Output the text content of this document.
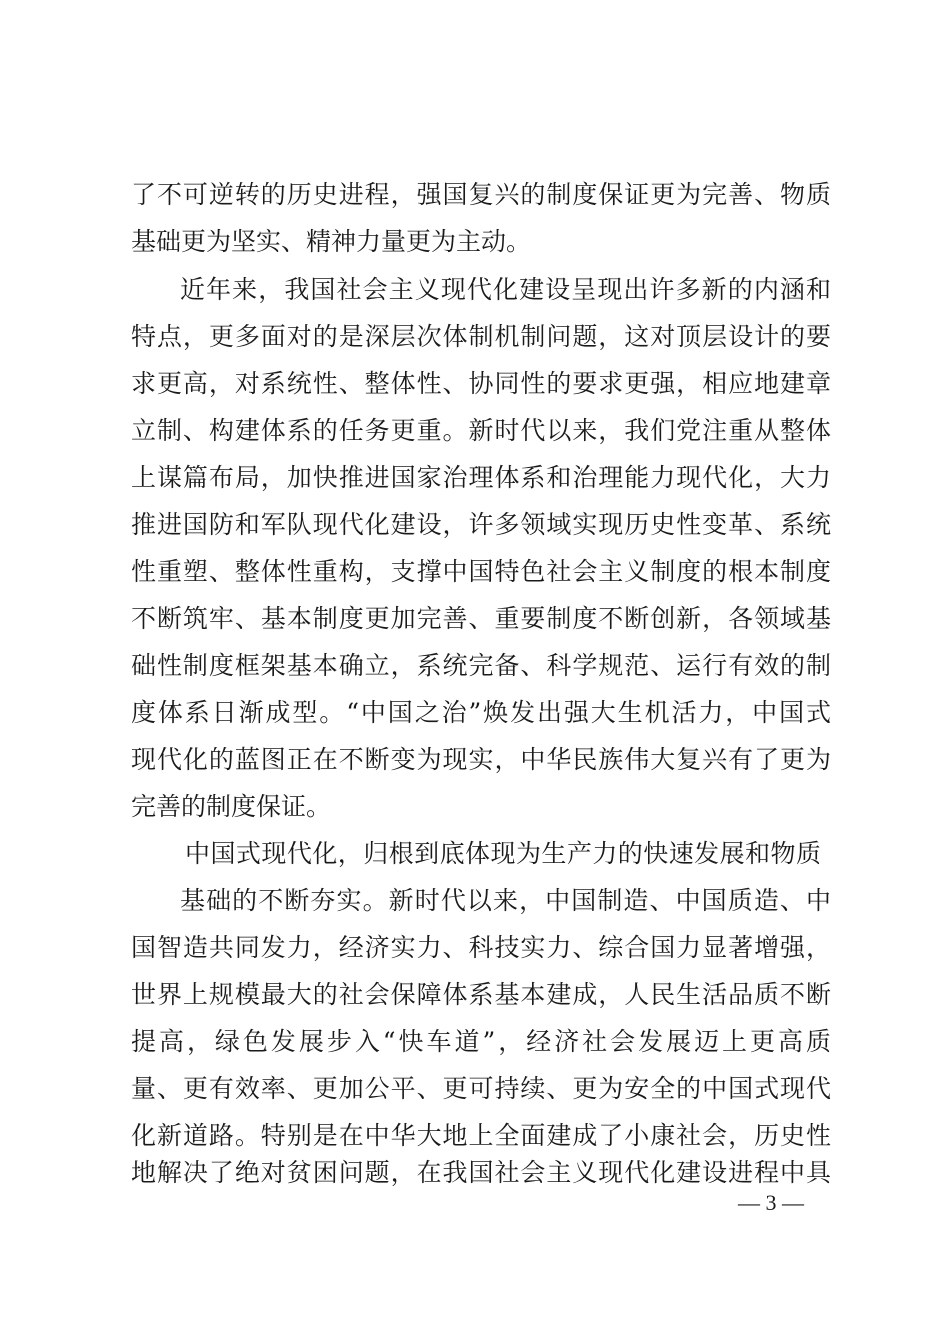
了不可逆转的历史进程，强国复兴的制度保证更为完善、物质
基础更为坚实、精神力量更为主动。
近年来，我国社会主义现代化建设呈现出许多新的内涵和
特点，更多面对的是深层次体制机制问题，这对顶层设计的要
求更高，对系统性、整体性、协同性的要求更强，相应地建章
立制、构建体系的任务更重。新时代以来，我们党注重从整体
上谋篇布局，加快推进国家治理体系和治理能力现代化，大力
推进国防和军队现代化建设，许多领域实现历史性变革、系统
性重塑、整体性重构，支撑中国特色社会主义制度的根本制度
不断筑牢、基本制度更加完善、重要制度不断创新，各领域基
础性制度框架基本确立，系统完备、科学规范、运行有效的制
度体系日渐成型。“中国之治”焕发出强大生机活力，中国式
现代化的蓝图正在不断变为现实，中华民族伟大复兴有了更为
完善的制度保证。
中国式现代化，归根到底体现为生产力的快速发展和物质
基础的不断夯实。新时代以来，中国制造、中国质造、中
国智造共同发力，经济实力、科技实力、综合国力显著增强，
世界上规模最大的社会保障体系基本建成，人民生活品质不断
提高，绿色发展步入“快车道”，经济社会发展迈上更高质
量、更有效率、更加公平、更可持续、更为安全的中国式现代
化新道路。特别是在中华大地上全面建成了小康社会，历史性
地解决了绝对贫困问题，在我国社会主义现代化建设进程中具
— 3 —
